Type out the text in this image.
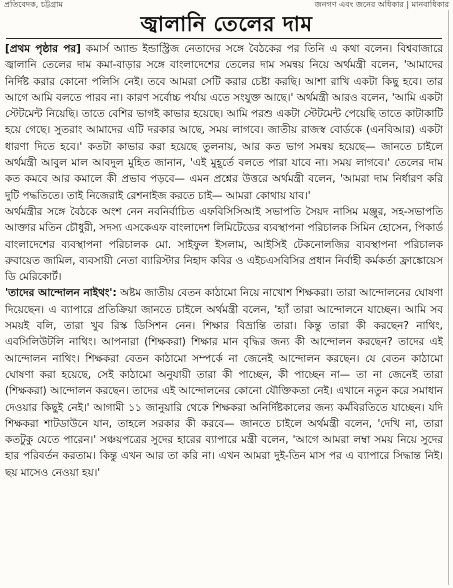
প্রতিবেদক, চট্টগ্রাম	জনগণ এবং জনের অধিকার | মানবাধিকার
জ্বালানি তেলের দাম

[প্রথম পৃষ্ঠার পর] কমার্স অ্যান্ড ইন্ডাস্ট্রিজ নেতাদের সঙ্গে বৈঠকের পর তিনি এ কথা বলেন। বিশ্ববাজারে জ্বালানি তেলের দাম কমা-বাড়ার সঙ্গে বাংলাদেশের তেলের দাম সমন্বয় নিয়ে অর্থমন্ত্রী বলেন, 'আমাদের নির্দিষ্ট করার কোনো পলিসি নেই। তবে আমরা সেটি করার চেষ্টা করছি। আশা রাখি একটা কিছু হবে। তার আগে আমি বলতে পারব না। কারণ সর্বোচ্চ পর্যায় এতে সংযুক্ত আছে।' অর্থমন্ত্রী আরও বলেন, 'আমি একটা স্টেটমেন্ট নিয়েছি। তাতে বেশির ভাগই কাভার হয়েছে। আমি পরশু একটা স্টেটমেন্ট পেয়েছি তাতে কাটাকাটি হয়ে গেছে। সুতরাং আমাদের এটি দরকার আছে, সময় লাগবে। জাতীয় রাজস্ব বোর্ডকে (এনবিআর) একটা ধারণা দিতে হবে।' কতটা কাভার করা হয়েছে তুলনায়, আর কত ভাগ সমন্বয় হয়েছে— জানতে চাইলে অর্থমন্ত্রী আবুল মাল আবদুল মুহিত জানান, 'এই মুহূর্তে বলতে পারা যাবে না। সময় লাগবে।' তেলের দাম কত কমবে আর কমালে কী প্রভাব পড়বে— এমন প্রশ্নের উত্তরে অর্থমন্ত্রী বলেন, 'আমরা দাম নির্ধারণ করি দুটি পদ্ধতিতে। তাই নিজেরাই রেশনাইজ করতে চাই— আমরা কোথায় যাব।'

অর্থমন্ত্রীর সঙ্গে বৈঠকে অংশ নেন নবনির্বাচিত এফবিসিসিআই সভাপতি সৈয়দ নাসিম মঞ্জুর, সহ-সভাপতি আক্তার মতিন চৌধুরী, সদস্য এসকেএফ বাংলাদেশ লিমিটেডের ব্যবস্থাপনা পরিচালক সিমিন হোসেন, পিকার্ড বাংলাদেশের ব্যবস্থাপনা পরিচালক মো. সাইফুল ইসলাম, আইসিই টেকনোলজির ব্যবস্থাপনা পরিচালক রুবায়েত জামিল, ব্যবসায়ী নেতা ব্যারিস্টার নিহাদ কবির ও এইচএসবিসির প্রধান নির্বাহী কর্মকর্তা ফ্রাঙ্কোয়েস ডি মেরিকোর্ট।

'তাদের আন্দোলন নাইথং': অষ্টম জাতীয় বেতন কাঠামো নিয়ে নাখোশ শিক্ষকরা। তারা আন্দোলনের ঘোষণা দিয়েছেন। এ ব্যাপারে প্রতিক্রিয়া জানতে চাইলে অর্থমন্ত্রী বলেন, 'হ্যাঁ তারা আন্দোলনে যাচ্ছেন। আমি সব সময়ই বলি, তারা খুব রিস্ক ডিসিশন নেন। শিক্ষার বিভ্রান্তি তারা। কিন্তু তারা কী করছেন? নাথিং, এবসিলিউটলি নাথিং। আপনারা (শিক্ষকরা) শিক্ষার মান বৃদ্ধির জন্য কী আন্দোলন করছেন? তাদের এই আন্দোলন নাথিং। শিক্ষকরা বেতন কাঠামো সম্পর্কে না জেনেই আন্দোলন করছেন। যে বেতন কাঠামো ঘোষণা করা হয়েছে, সেই কাঠামো অনুযায়ী তারা কী পাচ্ছেন, কী পাচ্ছেন না— তা না জেনেই তারা (শিক্ষকরা) আন্দোলন করছেন। তাদের এই আন্দোলনের কোনো যৌক্তিকতা নেই। এখানে নতুন করে সমাধান দেওয়ার কিছুই নেই।' আগামী ১১ জানুয়ারি থেকে শিক্ষকরা অনির্দিষ্টকালের জন্য কর্মবিরতিতে যাচ্ছেন। যদি শিক্ষকরা শাটডাউনে যান, তাহলে সরকার কী করবে— জানতে চাইলে অর্থমন্ত্রী বলেন, 'দেখি না, তারা কতটুকু যেতে পারেন।' সঞ্চয়পত্রের সুদের হারের ব্যাপারে মন্ত্রী বলেন, 'আগে আমরা লম্বা সময় নিয়ে সুদের হার পরিবর্তন করতাম। কিন্তু এখন আর তা করি না। এখন আমরা দুই-তিন মাস পর এ ব্যাপারে সিদ্ধান্ত নিই। ছয় মাসেও নেওয়া হয়।'
